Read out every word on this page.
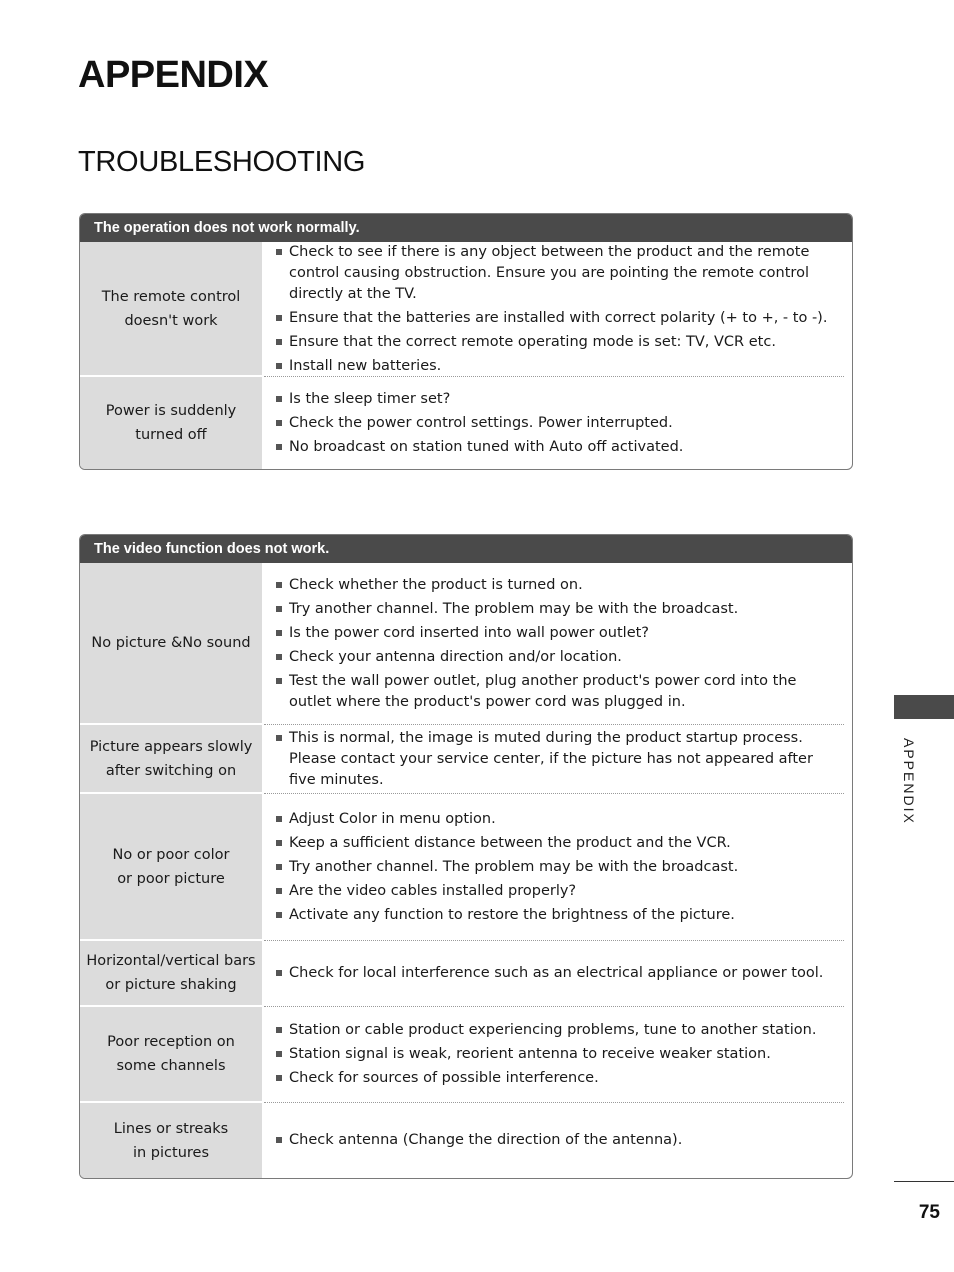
APPENDIX
TROUBLESHOOTING
The operation does not work normally.
The remote control
doesn't work
Check to see if there is any object between the product and the remote control causing obstruction. Ensure you are pointing the remote control directly at the TV.
Ensure that the batteries are installed with correct polarity (+ to +, - to -).
Ensure that the correct remote operating mode is set: TV, VCR etc.
Install new batteries.
Power is suddenly
turned off
Is the sleep timer set?
Check the power control settings. Power interrupted.
No broadcast on station tuned with Auto off activated.
The video function does not work.
No picture &No sound
Check whether the product is turned on.
Try another channel. The problem may be with the broadcast.
Is the power cord inserted into wall power outlet?
Check your antenna direction and/or location.
Test the wall power outlet, plug another product's power cord into the outlet where the product's power cord was plugged in.
Picture appears slowly
after switching on
This is normal, the image is muted during the product startup process. Please contact your service center, if the picture has not appeared after five minutes.
No or poor color
or poor picture
Adjust Color in menu option.
Keep a sufficient distance between the product and the VCR.
Try another channel. The problem may be with the broadcast.
Are the video cables installed properly?
Activate any function to restore the brightness of the picture.
Horizontal/vertical bars
or picture shaking
Check for local interference such as an electrical appliance or power tool.
Poor reception on
some channels
Station or cable product experiencing problems, tune to another station.
Station signal is weak, reorient antenna to receive weaker station.
Check for sources of possible interference.
Lines or streaks
in pictures
Check antenna (Change the direction of the antenna).
APPENDIX
75
